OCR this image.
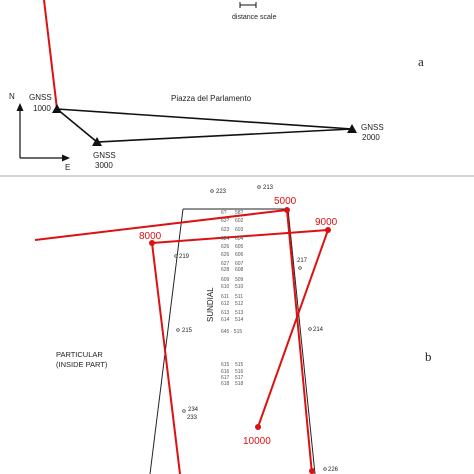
distance scale
GNSS
1000
GNSS
2000
GNSS
3000
Piazza del Parlamento
N
E
5000
8000
9000
10000
223
213
219
217
215	214
234
233
226
6? 58?
63? 602
623 603
624 604
626 605
626 606
627 607
628 608
609 509
610 510
611 511
612 512
613 513
614 514
615 515
616 516
617 517
618 518
645 · 515
SUNDIAL
PARTICULAR
(INSIDE PART)
a
b
